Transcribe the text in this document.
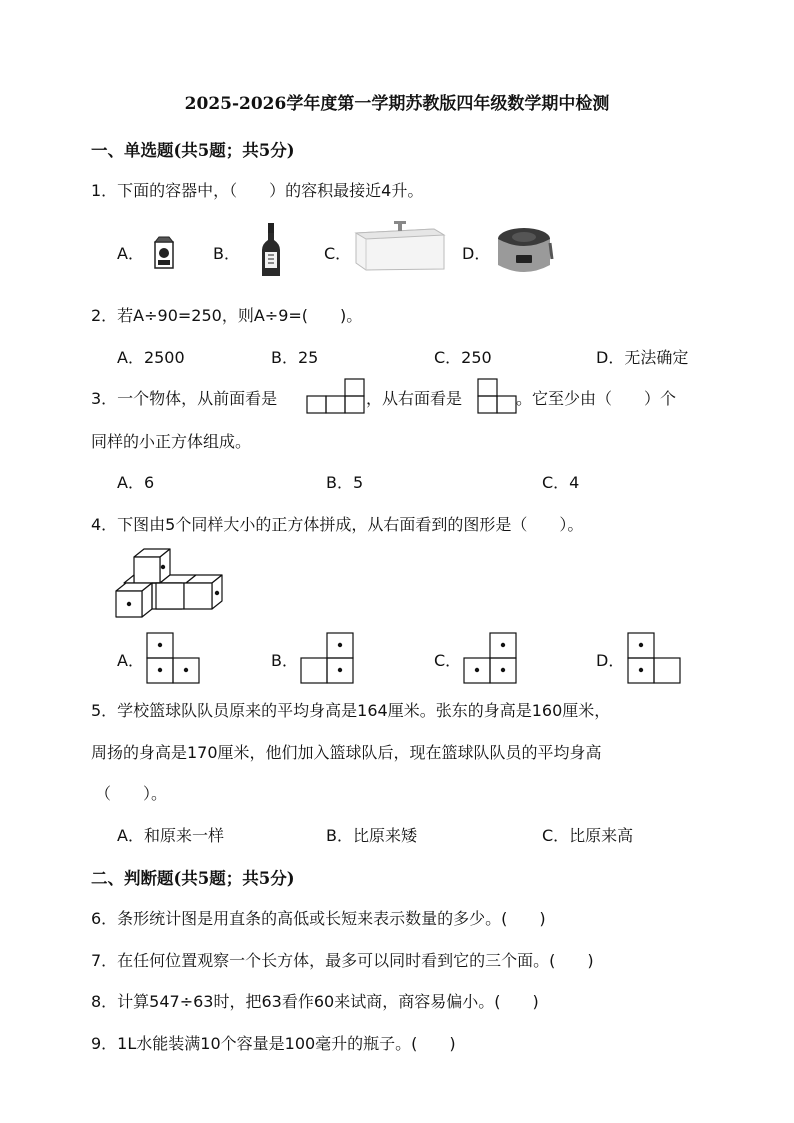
2025-2026学年度第一学期苏教版四年级数学期中检测
一、单选题(共5题；共5分)
1．下面的容器中，（　　）的容积最接近4升。
A．	B．	C．	D．
2．若A÷90=250，则A÷9=(　　)。
A．2500	B．25	C．250	D．无法确定
3．一个物体，从前面看是	，从右面看是	。它至少由（　　）个
同样的小正方体组成。
A．6	B．5	C．4
4．下图由5个同样大小的正方体拼成，从右面看到的图形是（　　）。
A．	B．	C．	D．
5．学校篮球队队员原来的平均身高是164厘米。张东的身高是160厘米，
周扬的身高是170厘米，他们加入篮球队后，现在篮球队队员的平均身高
（　　）。
A．和原来一样	B．比原来矮	C．比原来高
二、判断题(共5题；共5分)
6．条形统计图是用直条的高低或长短来表示数量的多少。(　　)
7．在任何位置观察一个长方体，最多可以同时看到它的三个面。(　　)
8．计算547÷63时，把63看作60来试商，商容易偏小。(　　)
9．1L水能装满10个容量是100毫升的瓶子。(　　)
